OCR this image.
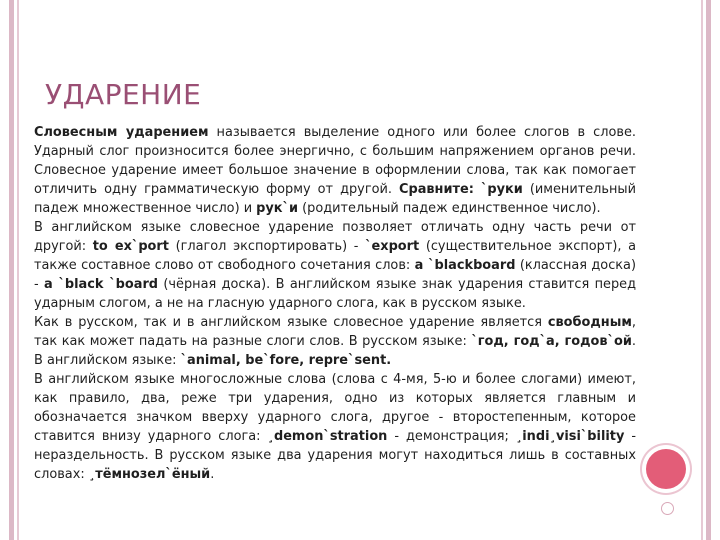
УДАРЕНИЕ

Словесным ударением называется выделение одного или более слогов в слове. Ударный слог произносится более энергично, с большим напряжением органов речи. Словесное ударение имеет большое значение в оформлении слова, так как помогает отличить одну грамматическую форму от другой. Сравните: `руки (именительный падеж множественное число) и рук`и (родительный падеж единственное число).

В английском языке словесное ударение позволяет отличать одну часть речи от другой: to ex`port (глагол экспортировать) - `export (существительное экспорт), а также составное слово от свободного сочетания слов: a `blackboard (классная доска) - a `black `board (чёрная доска). В английском языке знак ударения ставится перед ударным слогом, а не на гласную ударного слога, как в русском языке.

Как в русском, так и в английском языке словесное ударение является свободным, так как может падать на разные слоги слов. В русском языке: `год, год`а, годов`ой. В английском языке: `animal, be`fore, repre`sent.

В английском языке многосложные слова (слова с 4-мя, 5-ю и более слогами) имеют, как правило, два, реже три ударения, одно из которых является главным и обозначается значком вверху ударного слога, другое - второстепенным, которое ставится внизу ударного слога: ¸demon`stration - демонстрация; ¸indi¸visi`bility - нераздельность. В русском языке два ударения могут находиться лишь в составных словах: ¸тёмнозел`ёный.
